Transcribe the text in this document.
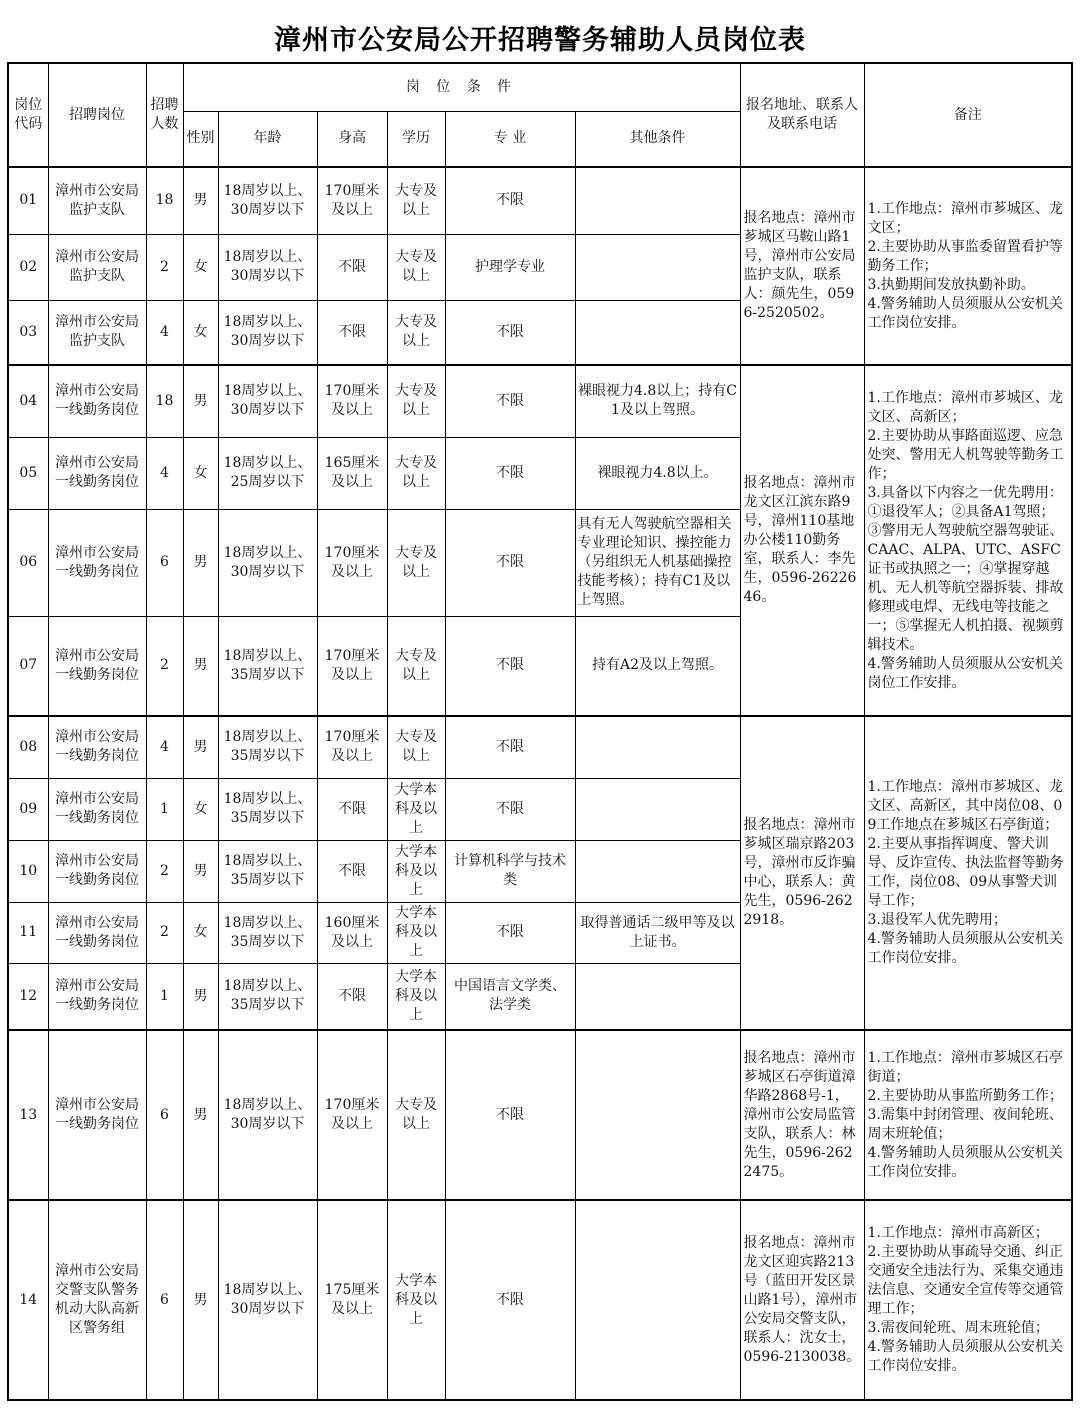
漳州市公安局公开招聘警务辅助人员岗位表
岗位代码	招聘岗位	招聘人数	岗 位 条 件						报名地址、联系人及联系电话	备注
			性别	年龄	身高	学历	专 业	其他条件		
01	漳州市公安局监护支队	18	男	18周岁以上、30周岁以下	170厘米及以上	大专及以上	不限		报名地点：漳州市芗城区马鞍山路1号，漳州市公安局监护支队，联系人：颜先生，0596-2520502。	1.工作地点：漳州市芗城区、龙文区；
2.主要协助从事监委留置看护等勤务工作；
3.执勤期间发放执勤补助。
4.警务辅助人员须服从公安机关工作岗位安排。

02	漳州市公安局监护支队	2	女	18周岁以上、30周岁以下	不限	大专及以上	护理学专业			
03	漳州市公安局监护支队	4	女	18周岁以上、30周岁以下	不限	大专及以上	不限			
04	漳州市公安局一线勤务岗位	18	男	18周岁以上、30周岁以下	170厘米及以上	大专及以上	不限	裸眼视力4.8以上；持有C1及以上驾照。	报名地点：漳州市龙文区江滨东路9号，漳州110基地办公楼110勤务室，联系人：李先生，0596-2622646。	1.工作地点：漳州市芗城区、龙文区、高新区；
2.主要协助从事路面巡逻、应急处突、警用无人机驾驶等勤务工作；
3.具备以下内容之一优先聘用：①退役军人；②具备A1驾照；③警用无人驾驶航空器驾驶证、CAAC、ALPA、UTC、ASFC证书或执照之一；④掌握穿越机、无人机等航空器拆装、排故修理或电焊、无线电等技能之一；⑤掌握无人机拍摄、视频剪辑技术。
4.警务辅助人员须服从公安机关岗位工作安排。

05	漳州市公安局一线勤务岗位	4	女	18周岁以上、25周岁以下	165厘米及以上	大专及以上	不限	裸眼视力4.8以上。		
06	漳州市公安局一线勤务岗位	6	男	18周岁以上、30周岁以下	170厘米及以上	大专及以上	不限	具有无人驾驶航空器相关专业理论知识、操控能力（另组织无人机基础操控技能考核）；持有C1及以上驾照。		
07	漳州市公安局一线勤务岗位	2	男	18周岁以上、35周岁以下	170厘米及以上	大专及以上	不限	持有A2及以上驾照。		
08	漳州市公安局一线勤务岗位	4	男	18周岁以上、35周岁以下	170厘米及以上	大专及以上	不限		报名地点：漳州市芗城区瑞京路203号，漳州市反诈骗中心，联系人：黄先生，0596-2622918。	1.工作地点：漳州市芗城区、龙文区、高新区，其中岗位08、09工作地点在芗城区石亭街道；
2.主要从事指挥调度、警犬训导、反诈宣传、执法监督等勤务工作，岗位08、09从事警犬训导工作；
3.退役军人优先聘用；
4.警务辅助人员须服从公安机关工作岗位安排。

09	漳州市公安局一线勤务岗位	1	女	18周岁以上、35周岁以下	不限	大学本科及以上	不限			
10	漳州市公安局一线勤务岗位	2	男	18周岁以上、35周岁以下	不限	大学本科及以上	计算机科学与技术类			
11	漳州市公安局一线勤务岗位	2	女	18周岁以上、35周岁以下	160厘米及以上	大学本科及以上	不限	取得普通话二级甲等及以上证书。		
12	漳州市公安局一线勤务岗位	1	男	18周岁以上、35周岁以下	不限	大学本科及以上	中国语言文学类、法学类			
13	漳州市公安局一线勤务岗位	6	男	18周岁以上、30周岁以下	170厘米及以上	大专及以上	不限		报名地点：漳州市芗城区石亭街道漳华路2868号-1，漳州市公安局监管支队，联系人：林先生，0596-2622475。	1.工作地点：漳州市芗城区石亭街道；
2.主要协助从事监所勤务工作；
3.需集中封闭管理、夜间轮班、周末班轮值；
4.警务辅助人员须服从公安机关工作岗位安排。

14	漳州市公安局交警支队警务机动大队高新区警务组	6	男	18周岁以上、30周岁以下	175厘米及以上	大学本科及以上	不限		报名地点：漳州市龙文区迎宾路213号（蓝田开发区景山路1号），漳州市公安局交警支队，联系人：沈女士，0596-2130038。	1.工作地点：漳州市高新区；
2.主要协助从事疏导交通、纠正交通安全违法行为、采集交通违法信息、交通安全宣传等交通管理工作；
3.需夜间轮班、周末班轮值；
4.警务辅助人员须服从公安机关工作岗位安排。
